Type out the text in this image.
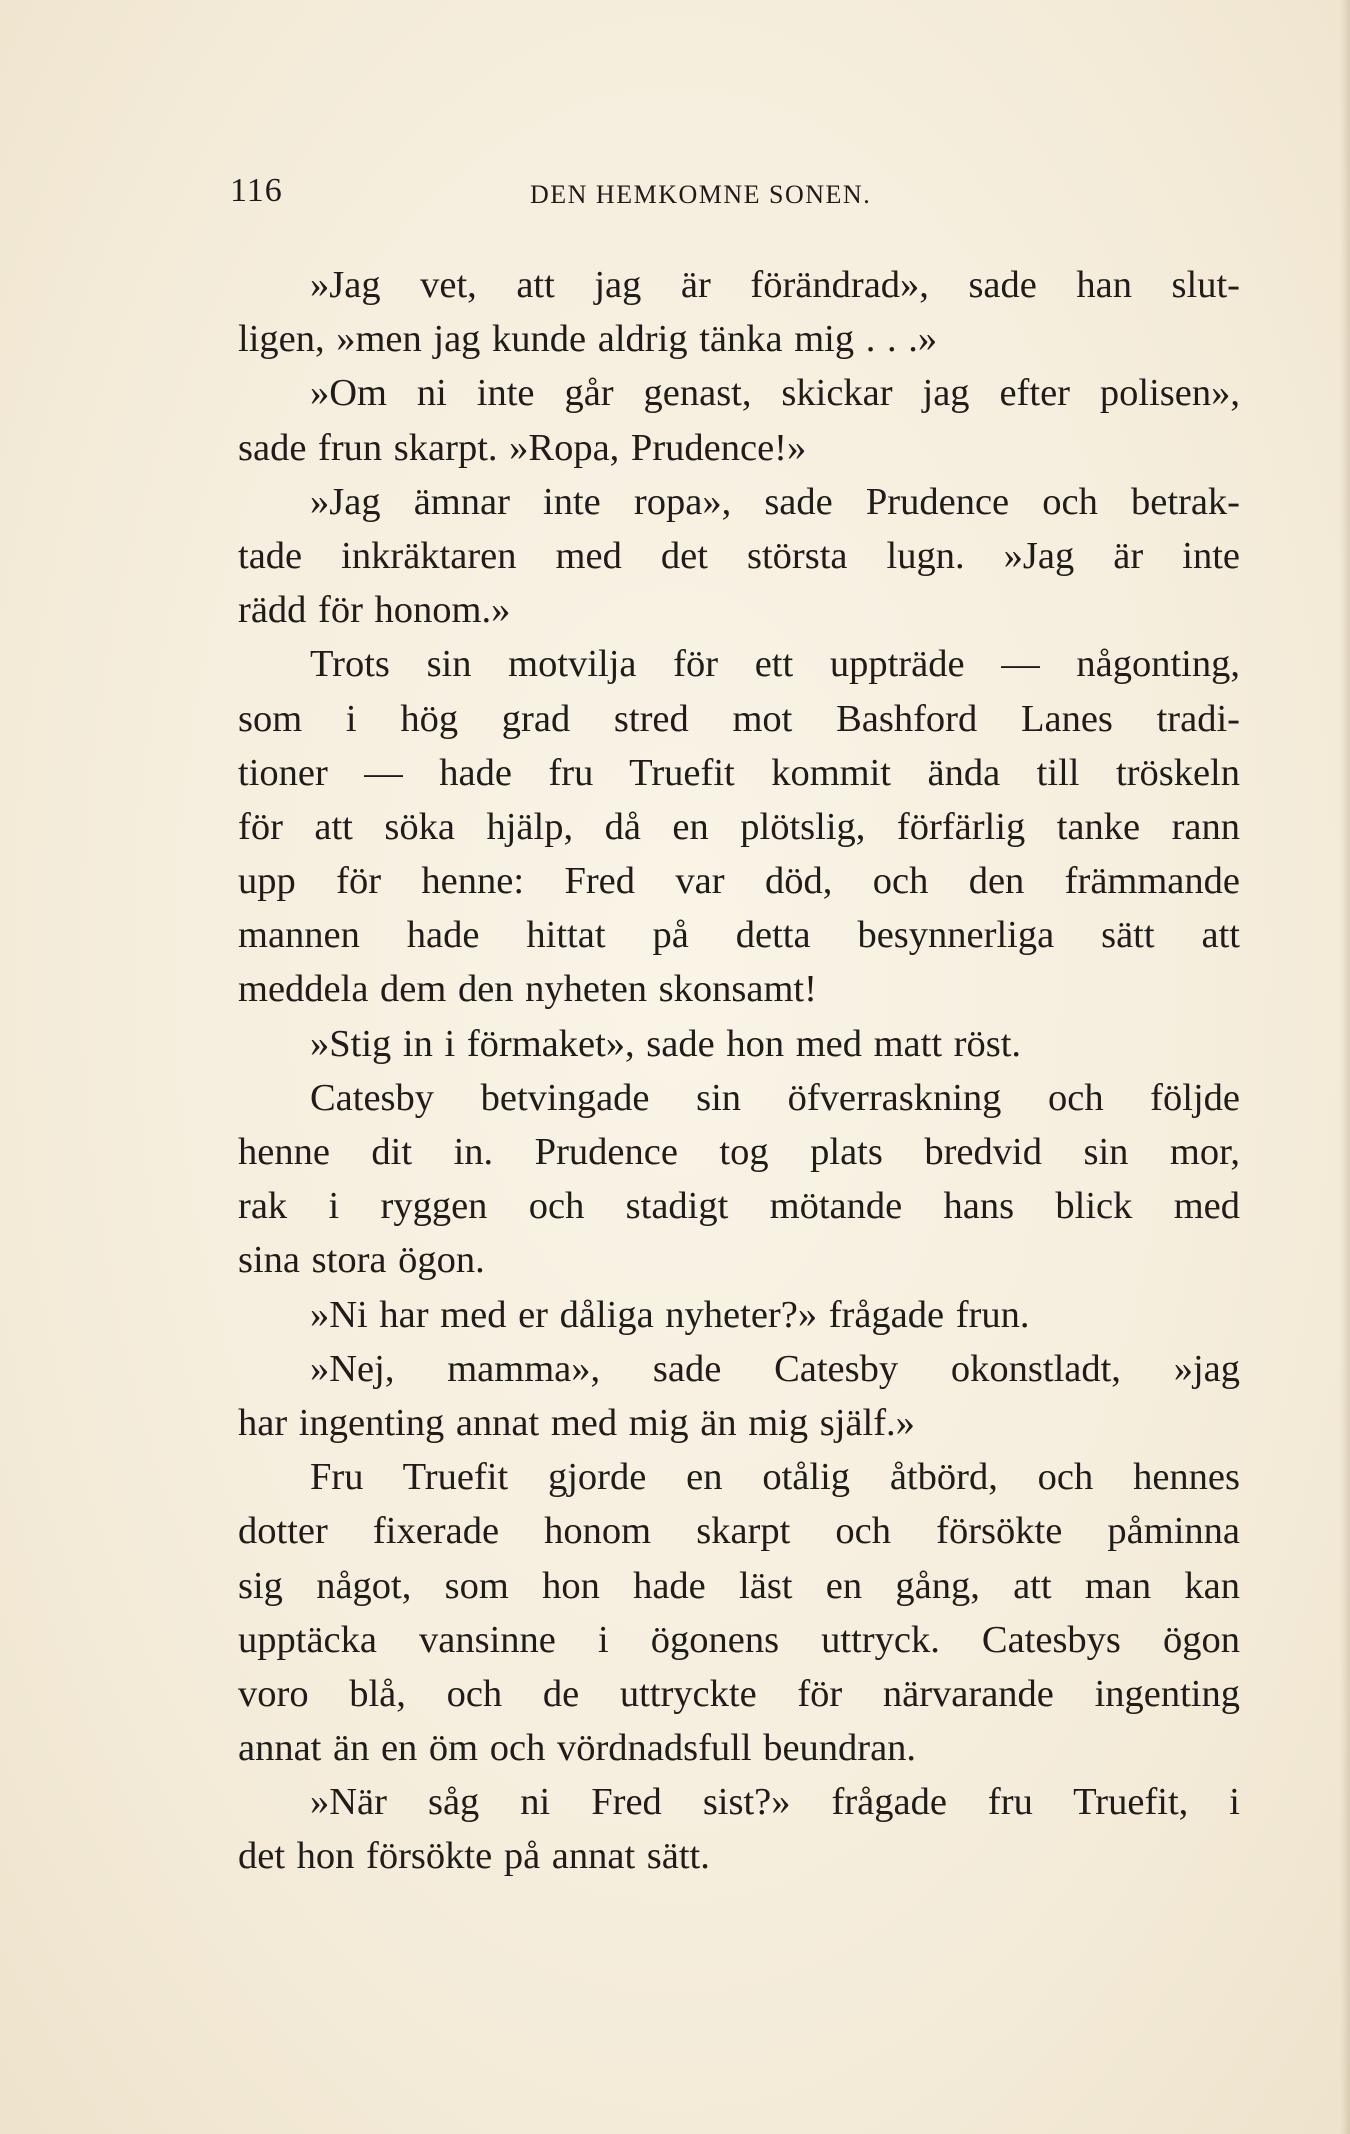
116	DEN HEMKOMNE SONEN.
»Jag vet, att jag är förändrad», sade han slut-
ligen, »men jag kunde aldrig tänka mig . . .»
»Om ni inte går genast, skickar jag efter polisen»,
sade frun skarpt. »Ropa, Prudence!»
»Jag ämnar inte ropa», sade Prudence och betrak-
tade inkräktaren med det största lugn. »Jag är inte
rädd för honom.»
Trots sin motvilja för ett uppträde — någonting,
som i hög grad stred mot Bashford Lanes tradi-
tioner — hade fru Truefit kommit ända till tröskeln
för att söka hjälp, då en plötslig, förfärlig tanke rann
upp för henne: Fred var död, och den främmande
mannen hade hittat på detta besynnerliga sätt att
meddela dem den nyheten skonsamt!
»Stig in i förmaket», sade hon med matt röst.
Catesby betvingade sin öfverraskning och följde
henne dit in. Prudence tog plats bredvid sin mor,
rak i ryggen och stadigt mötande hans blick med
sina stora ögon.
»Ni har med er dåliga nyheter?» frågade frun.
»Nej, mamma», sade Catesby okonstladt, »jag
har ingenting annat med mig än mig själf.»
Fru Truefit gjorde en otålig åtbörd, och hennes
dotter fixerade honom skarpt och försökte påminna
sig något, som hon hade läst en gång, att man kan
upptäcka vansinne i ögonens uttryck. Catesbys ögon
voro blå, och de uttryckte för närvarande ingenting
annat än en öm och vördnadsfull beundran.
»När såg ni Fred sist?» frågade fru Truefit, i
det hon försökte på annat sätt.
